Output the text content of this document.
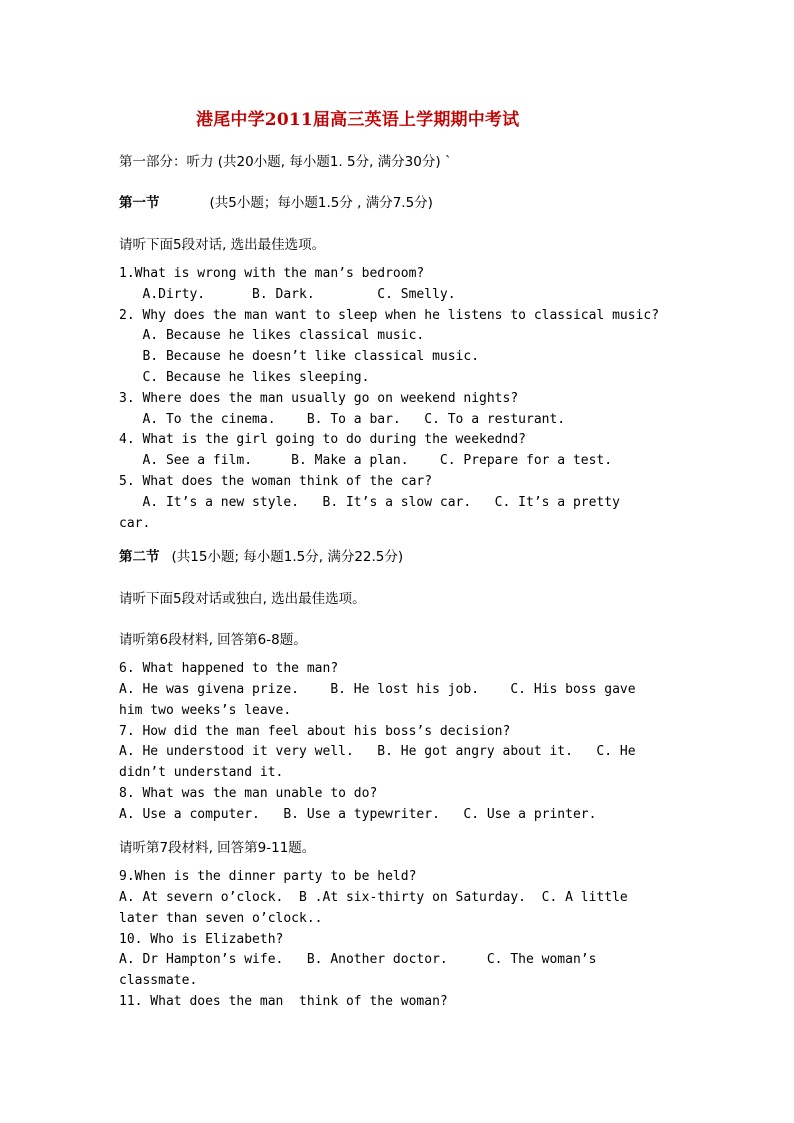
港尾中学2011届高三英语上学期期中考试
第一部分：听力 (共20小题, 每小题1. 5分, 满分30分) `
第一节	(共5小题；每小题1.5分 , 满分7.5分)
请听下面5段对话, 选出最佳选项。
1.What is wrong with the man’s bedroom?
A.Dirty.      B. Dark.        C. Smelly.
2. Why does the man want to sleep when he listens to classical music?
A. Because he likes classical music.
B. Because he doesn’t like classical music.
C. Because he likes sleeping.
3. Where does the man usually go on weekend nights?
A. To the cinema.    B. To a bar.   C. To a resturant.
4. What is the girl going to do during the weekednd?
A. See a film.     B. Make a plan.    C. Prepare for a test.
5. What does the woman think of the car?
A. It’s a new style.   B. It’s a slow car.   C. It’s a pretty
car.
第二节 (共15小题; 每小题1.5分, 满分22.5分)
请听下面5段对话或独白, 选出最佳选项。
请听第6段材料, 回答第6-8题。
6. What happened to the man?
A. He was givena prize.    B. He lost his job.    C. His boss gave
him two weeks’s leave.
7. How did the man feel about his boss’s decision?
A. He understood it very well.   B. He got angry about it.   C. He
didn’t understand it.
8. What was the man unable to do?
A. Use a computer.   B. Use a typewriter.   C. Use a printer.
请听第7段材料, 回答第9-11题。
9.When is the dinner party to be held?
A. At severn o’clock.  B .At six-thirty on Saturday.  C. A little
later than seven o’clock..
10. Who is Elizabeth?
A. Dr Hampton’s wife.   B. Another doctor.     C. The woman’s
classmate.
11. What does the man  think of the woman?
